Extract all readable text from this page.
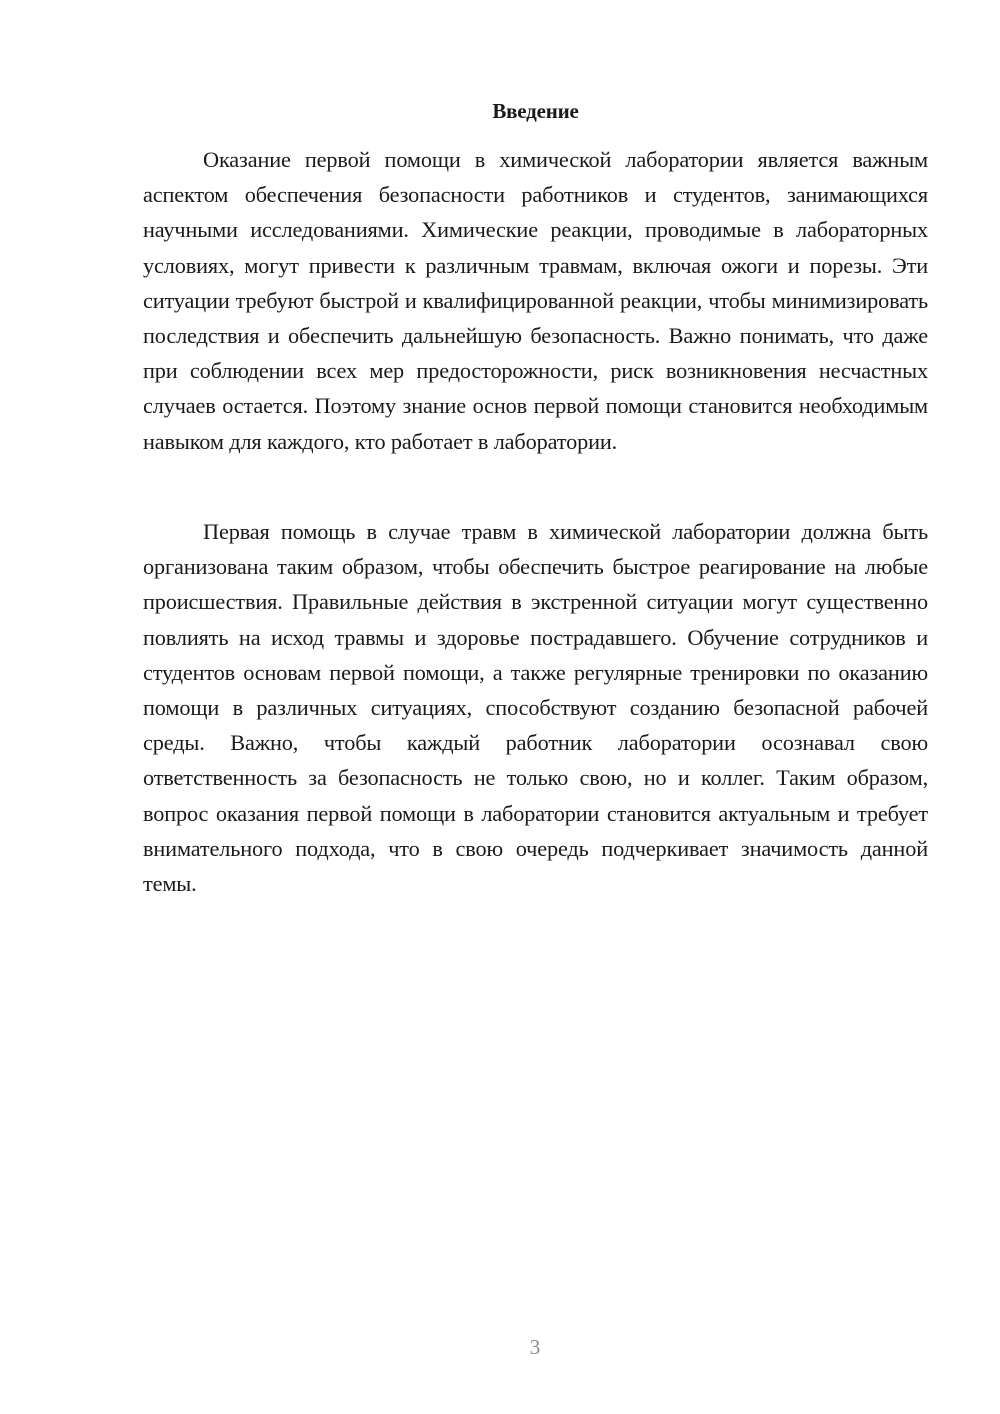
Введение

Оказание первой помощи в химической лаборатории является важным аспектом обеспечения безопасности работников и студентов, занимающихся научными исследованиями. Химические реакции, проводимые в лабораторных условиях, могут привести к различным травмам, включая ожоги и порезы. Эти ситуации требуют быстрой и квалифицированной реакции, чтобы минимизировать последствия и обеспечить дальнейшую безопасность. Важно понимать, что даже при соблюдении всех мер предосторожности, риск возникновения несчастных случаев остается. Поэтому знание основ первой помощи становится необходимым навыком для каждого, кто работает в лаборатории.

Первая помощь в случае травм в химической лаборатории должна быть организована таким образом, чтобы обеспечить быстрое реагирование на любые происшествия. Правильные действия в экстренной ситуации могут существенно повлиять на исход травмы и здоровье пострадавшего. Обучение сотрудников и студентов основам первой помощи, а также регулярные тренировки по оказанию помощи в различных ситуациях, способствуют созданию безопасной рабочей среды. Важно, чтобы каждый работник лаборатории осознавал свою ответственность за безопасность не только свою, но и коллег. Таким образом, вопрос оказания первой помощи в лаборатории становится актуальным и требует внимательного подхода, что в свою очередь подчеркивает значимость данной темы.

3
